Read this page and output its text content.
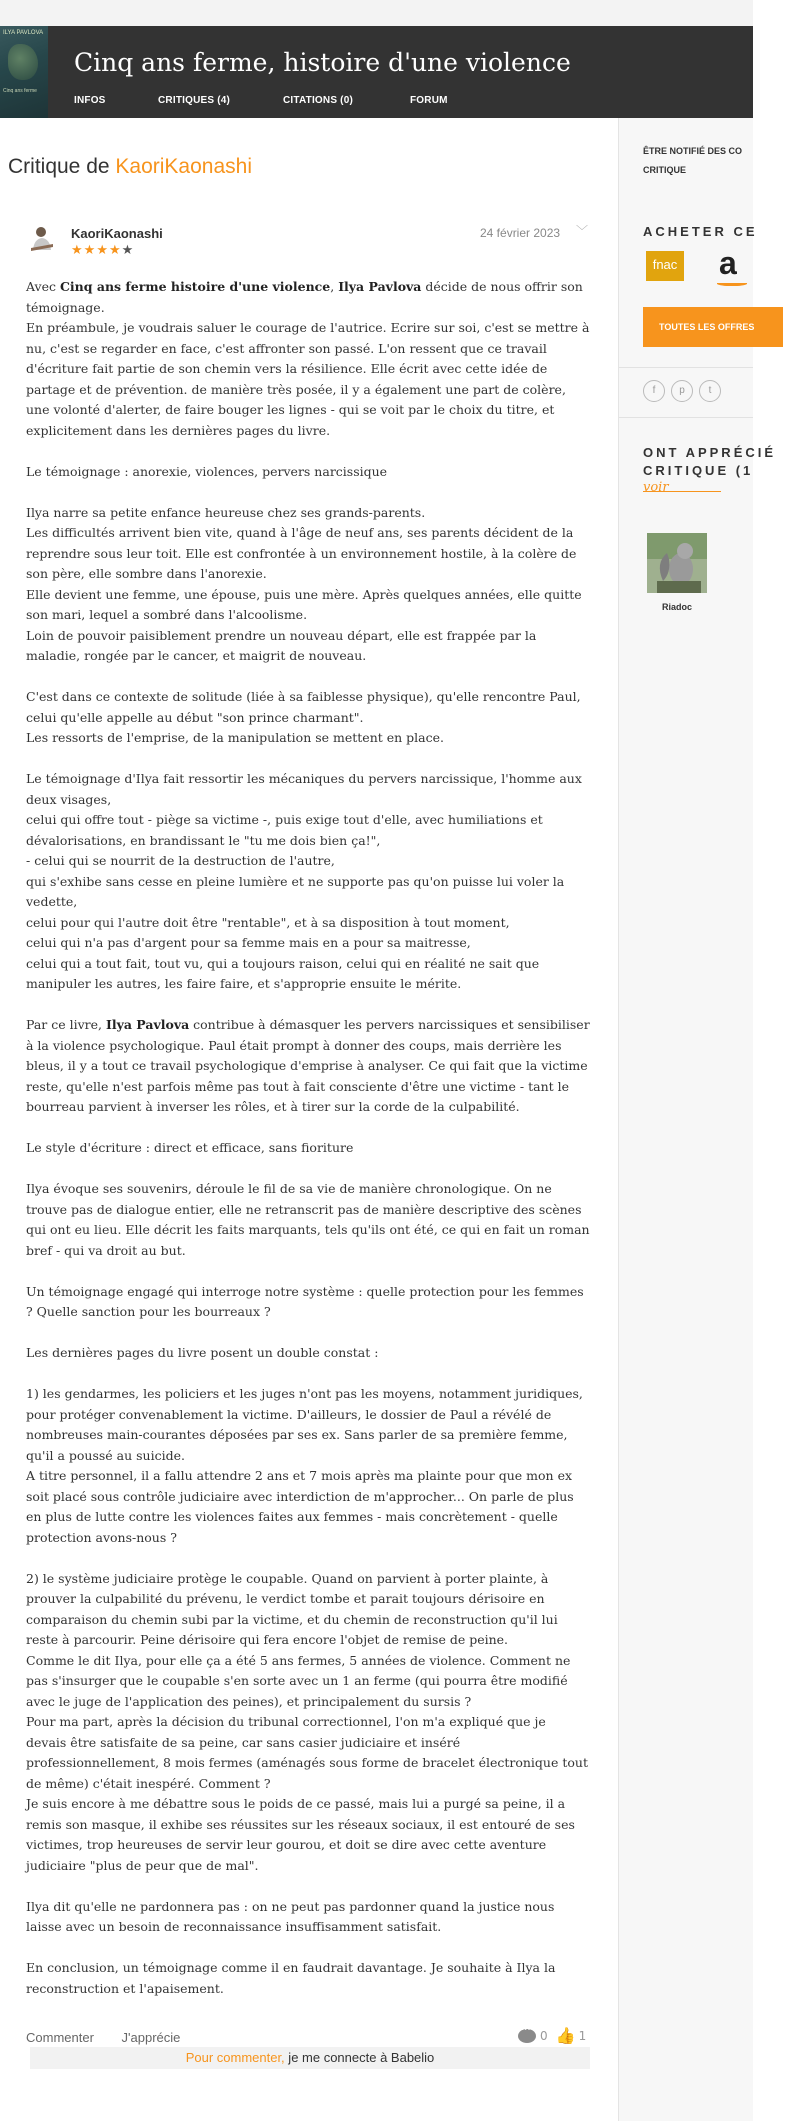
ILYA PAVLOVA
Cinq ans ferme
Cinq ans ferme, histoire d'une violence
INFOS	CRITIQUES (4)	CITATIONS (0)	FORUM
Critique de KaoriKaonashi
KaoriKaonashi
★★★★★
24 février 2023 ﹀

Avec Cinq ans ferme histoire d'une violence, Ilya Pavlova décide de nous offrir son témoignage.

En préambule, je voudrais saluer le courage de l'autrice. Ecrire sur soi, c'est se mettre à nu, c'est se regarder en face, c'est affronter son passé. L'on ressent que ce travail d'écriture fait partie de son chemin vers la résilience. Elle écrit avec cette idée de partage et de prévention. de manière très posée, il y a également une part de colère, une volonté d'alerter, de faire bouger les lignes - qui se voit par le choix du titre, et explicitement dans les dernières pages du livre.

Le témoignage : anorexie, violences, pervers narcissique

Ilya narre sa petite enfance heureuse chez ses grands-parents.

Les difficultés arrivent bien vite, quand à l'âge de neuf ans, ses parents décident de la reprendre sous leur toit. Elle est confrontée à un environnement hostile, à la colère de son père, elle sombre dans l'anorexie.

Elle devient une femme, une épouse, puis une mère. Après quelques années, elle quitte son mari, lequel a sombré dans l'alcoolisme.

Loin de pouvoir paisiblement prendre un nouveau départ, elle est frappée par la maladie, rongée par le cancer, et maigrit de nouveau.

C'est dans ce contexte de solitude (liée à sa faiblesse physique), qu'elle rencontre Paul, celui qu'elle appelle au début "son prince charmant".

Les ressorts de l'emprise, de la manipulation se mettent en place.

Le témoignage d'Ilya fait ressortir les mécaniques du pervers narcissique, l'homme aux deux visages,

celui qui offre tout - piège sa victime -, puis exige tout d'elle, avec humiliations et dévalorisations, en brandissant le "tu me dois bien ça!",

- celui qui se nourrit de la destruction de l'autre,

qui s'exhibe sans cesse en pleine lumière et ne supporte pas qu'on puisse lui voler la vedette,

celui pour qui l'autre doit être "rentable", et à sa disposition à tout moment,

celui qui n'a pas d'argent pour sa femme mais en a pour sa maitresse,

celui qui a tout fait, tout vu, qui a toujours raison, celui qui en réalité ne sait que manipuler les autres, les faire faire, et s'approprie ensuite le mérite.

Par ce livre, Ilya Pavlova contribue à démasquer les pervers narcissiques et sensibiliser à la violence psychologique. Paul était prompt à donner des coups, mais derrière les bleus, il y a tout ce travail psychologique d'emprise à analyser. Ce qui fait que la victime reste, qu'elle n'est parfois même pas tout à fait consciente d'être une victime - tant le bourreau parvient à inverser les rôles, et à tirer sur la corde de la culpabilité.

Le style d'écriture : direct et efficace, sans fioriture

Ilya évoque ses souvenirs, déroule le fil de sa vie de manière chronologique. On ne trouve pas de dialogue entier, elle ne retranscrit pas de manière descriptive des scènes qui ont eu lieu. Elle décrit les faits marquants, tels qu'ils ont été, ce qui en fait un roman bref - qui va droit au but.

Un témoignage engagé qui interroge notre système : quelle protection pour les femmes ? Quelle sanction pour les bourreaux ?

Les dernières pages du livre posent un double constat :

1) les gendarmes, les policiers et les juges n'ont pas les moyens, notamment juridiques, pour protéger convenablement la victime. D'ailleurs, le dossier de Paul a révélé de nombreuses main-courantes déposées par ses ex. Sans parler de sa première femme, qu'il a poussé au suicide.

A titre personnel, il a fallu attendre 2 ans et 7 mois après ma plainte pour que mon ex soit placé sous contrôle judiciaire avec interdiction de m'approcher... On parle de plus en plus de lutte contre les violences faites aux femmes - mais concrètement - quelle protection avons-nous ?

2) le système judiciaire protège le coupable. Quand on parvient à porter plainte, à prouver la culpabilité du prévenu, le verdict tombe et parait toujours dérisoire en comparaison du chemin subi par la victime, et du chemin de reconstruction qu'il lui reste à parcourir. Peine dérisoire qui fera encore l'objet de remise de peine.

Comme le dit Ilya, pour elle ça a été 5 ans fermes, 5 années de violence. Comment ne pas s'insurger que le coupable s'en sorte avec un 1 an ferme (qui pourra être modifié avec le juge de l'application des peines), et principalement du sursis ?

Pour ma part, après la décision du tribunal correctionnel, l'on m'a expliqué que je devais être satisfaite de sa peine, car sans casier judiciaire et inséré professionnellement, 8 mois fermes (aménagés sous forme de bracelet électronique tout de même) c'était inespéré. Comment ?

Je suis encore à me débattre sous le poids de ce passé, mais lui a purgé sa peine, il a remis son masque, il exhibe ses réussites sur les réseaux sociaux, il est entouré de ses victimes, trop heureuses de servir leur gourou, et doit se dire avec cette aventure judiciaire "plus de peur que de mal".

Ilya dit qu'elle ne pardonnera pas : on ne peut pas pardonner quand la justice nous laisse avec un besoin de reconnaissance insuffisamment satisfait.

En conclusion, un témoignage comme il en faudrait davantage. Je souhaite à Ilya la reconstruction et l'apaisement.

Commenter J'apprécie
···	0 👍 1
Pour commenter, je me connecte à Babelio
ÊTRE NOTIFIÉ DES CO
CRITIQUE
ACHETER CE
fnac a
TOUTES LES OFFRES
f	p	t
ONT APPRÉCIÉ
CRITIQUE (1
voir
Riadoc
